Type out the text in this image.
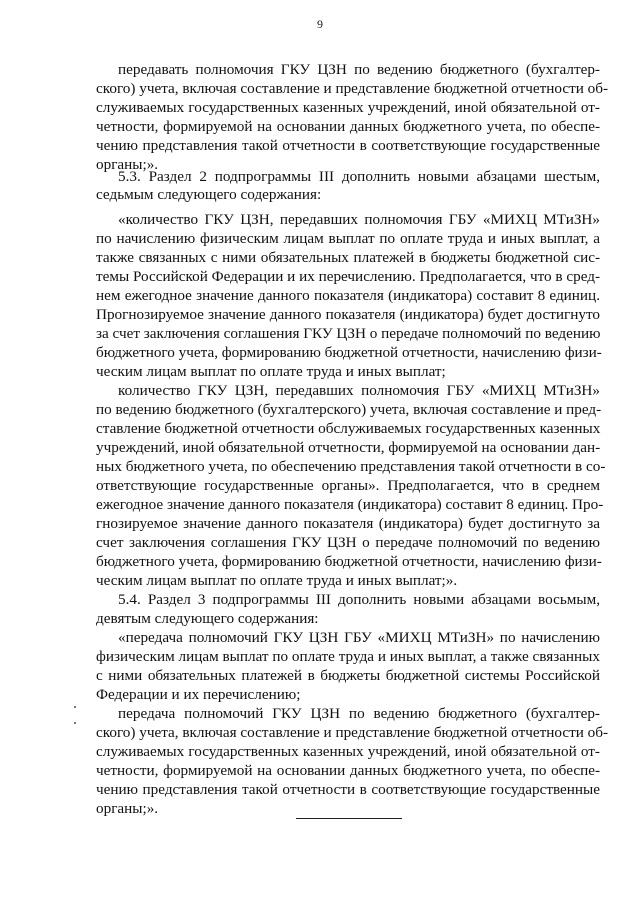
9
передавать полномочия ГКУ ЦЗН по ведению бюджетного (бухгалтер-
ского) учета, включая составление и представление бюджетной отчетности об-
служиваемых государственных казенных учреждений, иной обязательной от-
четности, формируемой на основании данных бюджетного учета, по обеспе-
чению представления такой отчетности в соответствующие государственные
органы;».
5.3. Раздел 2 подпрограммы III дополнить новыми абзацами шестым,
седьмым следующего содержания:
«количество ГКУ ЦЗН, передавших полномочия ГБУ «МИХЦ МТиЗН»
по начислению физическим лицам выплат по оплате труда и иных выплат, а
также связанных с ними обязательных платежей в бюджеты бюджетной сис-
темы Российской Федерации и их перечислению. Предполагается, что в сред-
нем ежегодное значение данного показателя (индикатора) составит 8 единиц.
Прогнозируемое значение данного показателя (индикатора) будет достигнуто
за счет заключения соглашения ГКУ ЦЗН о передаче полномочий по ведению
бюджетного учета, формированию бюджетной отчетности, начислению физи-
ческим лицам выплат по оплате труда и иных выплат;
количество ГКУ ЦЗН, передавших полномочия ГБУ «МИХЦ МТиЗН»
по ведению бюджетного (бухгалтерского) учета, включая составление и пред-
ставление бюджетной отчетности обслуживаемых государственных казенных
учреждений, иной обязательной отчетности, формируемой на основании дан-
ных бюджетного учета, по обеспечению представления такой отчетности в со-
ответствующие государственные органы». Предполагается, что в среднем
ежегодное значение данного показателя (индикатора) составит 8 единиц. Про-
гнозируемое значение данного показателя (индикатора) будет достигнуто за
счет заключения соглашения ГКУ ЦЗН о передаче полномочий по ведению
бюджетного учета, формированию бюджетной отчетности, начислению физи-
ческим лицам выплат по оплате труда и иных выплат;».
5.4. Раздел 3 подпрограммы III дополнить новыми абзацами восьмым,
девятым следующего содержания:
«передача полномочий ГКУ ЦЗН ГБУ «МИХЦ МТиЗН» по начислению
физическим лицам выплат по оплате труда и иных выплат, а также связанных
с ними обязательных платежей в бюджеты бюджетной системы Российской
Федерации и их перечислению;
передача полномочий ГКУ ЦЗН по ведению бюджетного (бухгалтер-
ского) учета, включая составление и представление бюджетной отчетности об-
служиваемых государственных казенных учреждений, иной обязательной от-
четности, формируемой на основании данных бюджетного учета, по обеспе-
чению представления такой отчетности в соответствующие государственные
органы;».
